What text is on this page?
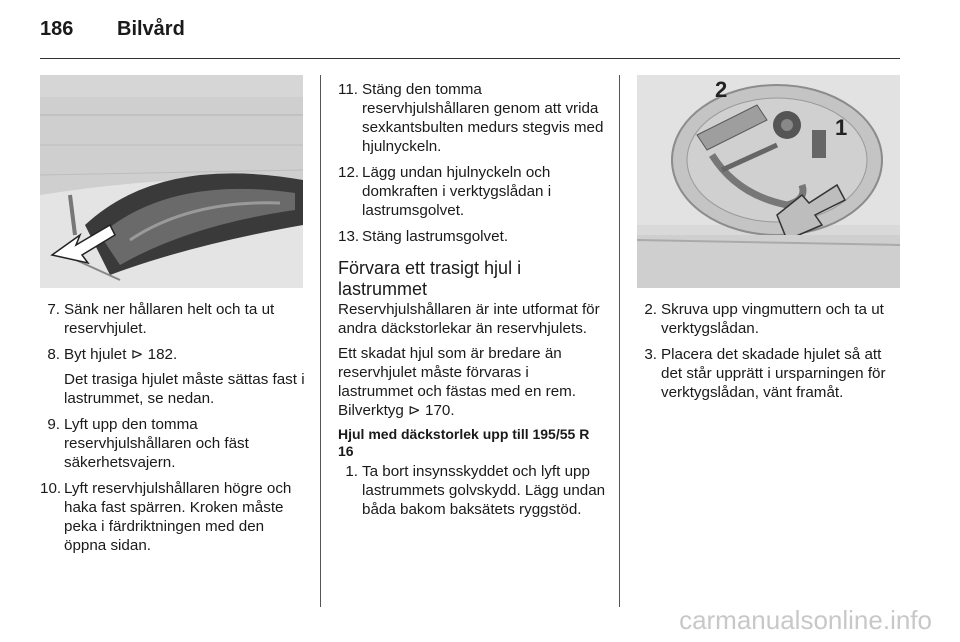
186 Bilvård
2
1
7. Sänk ner hållaren helt och ta ut reservhjulet.

8. Byt hjulet ⊳ 182.

Det trasiga hjulet måste sättas fast i lastrummet, se nedan.

9. Lyft upp den tomma reservhjulshållaren och fäst säkerhetsvajern.

10. Lyft reservhjulshållaren högre och haka fast spärren. Kroken måste peka i färdriktningen med den öppna sidan.

11. Stäng den tomma reservhjulshållaren genom att vrida sexkantsbulten medurs stegvis med hjulnyckeln.

12. Lägg undan hjulnyckeln och domkraften i verktygslådan i lastrumsgolvet.

13. Stäng lastrumsgolvet.

Förvara ett trasigt hjul i lastrummet

Reservhjulshållaren är inte utformat för andra däckstorlekar än reservhjulets.

Ett skadat hjul som är bredare än reservhjulet måste förvaras i lastrummet och fästas med en rem. Bilverktyg ⊳ 170.

Hjul med däckstorlek upp till 195/55 R 16
1. Ta bort insynsskyddet och lyft upp lastrummets golvskydd. Lägg undan båda bakom baksätets ryggstöd.

2. Skruva upp vingmuttern och ta ut verktygslådan.

3. Placera det skadade hjulet så att det står upprätt i ursparningen för verktygslådan, vänt framåt.

carmanualsonline.info
